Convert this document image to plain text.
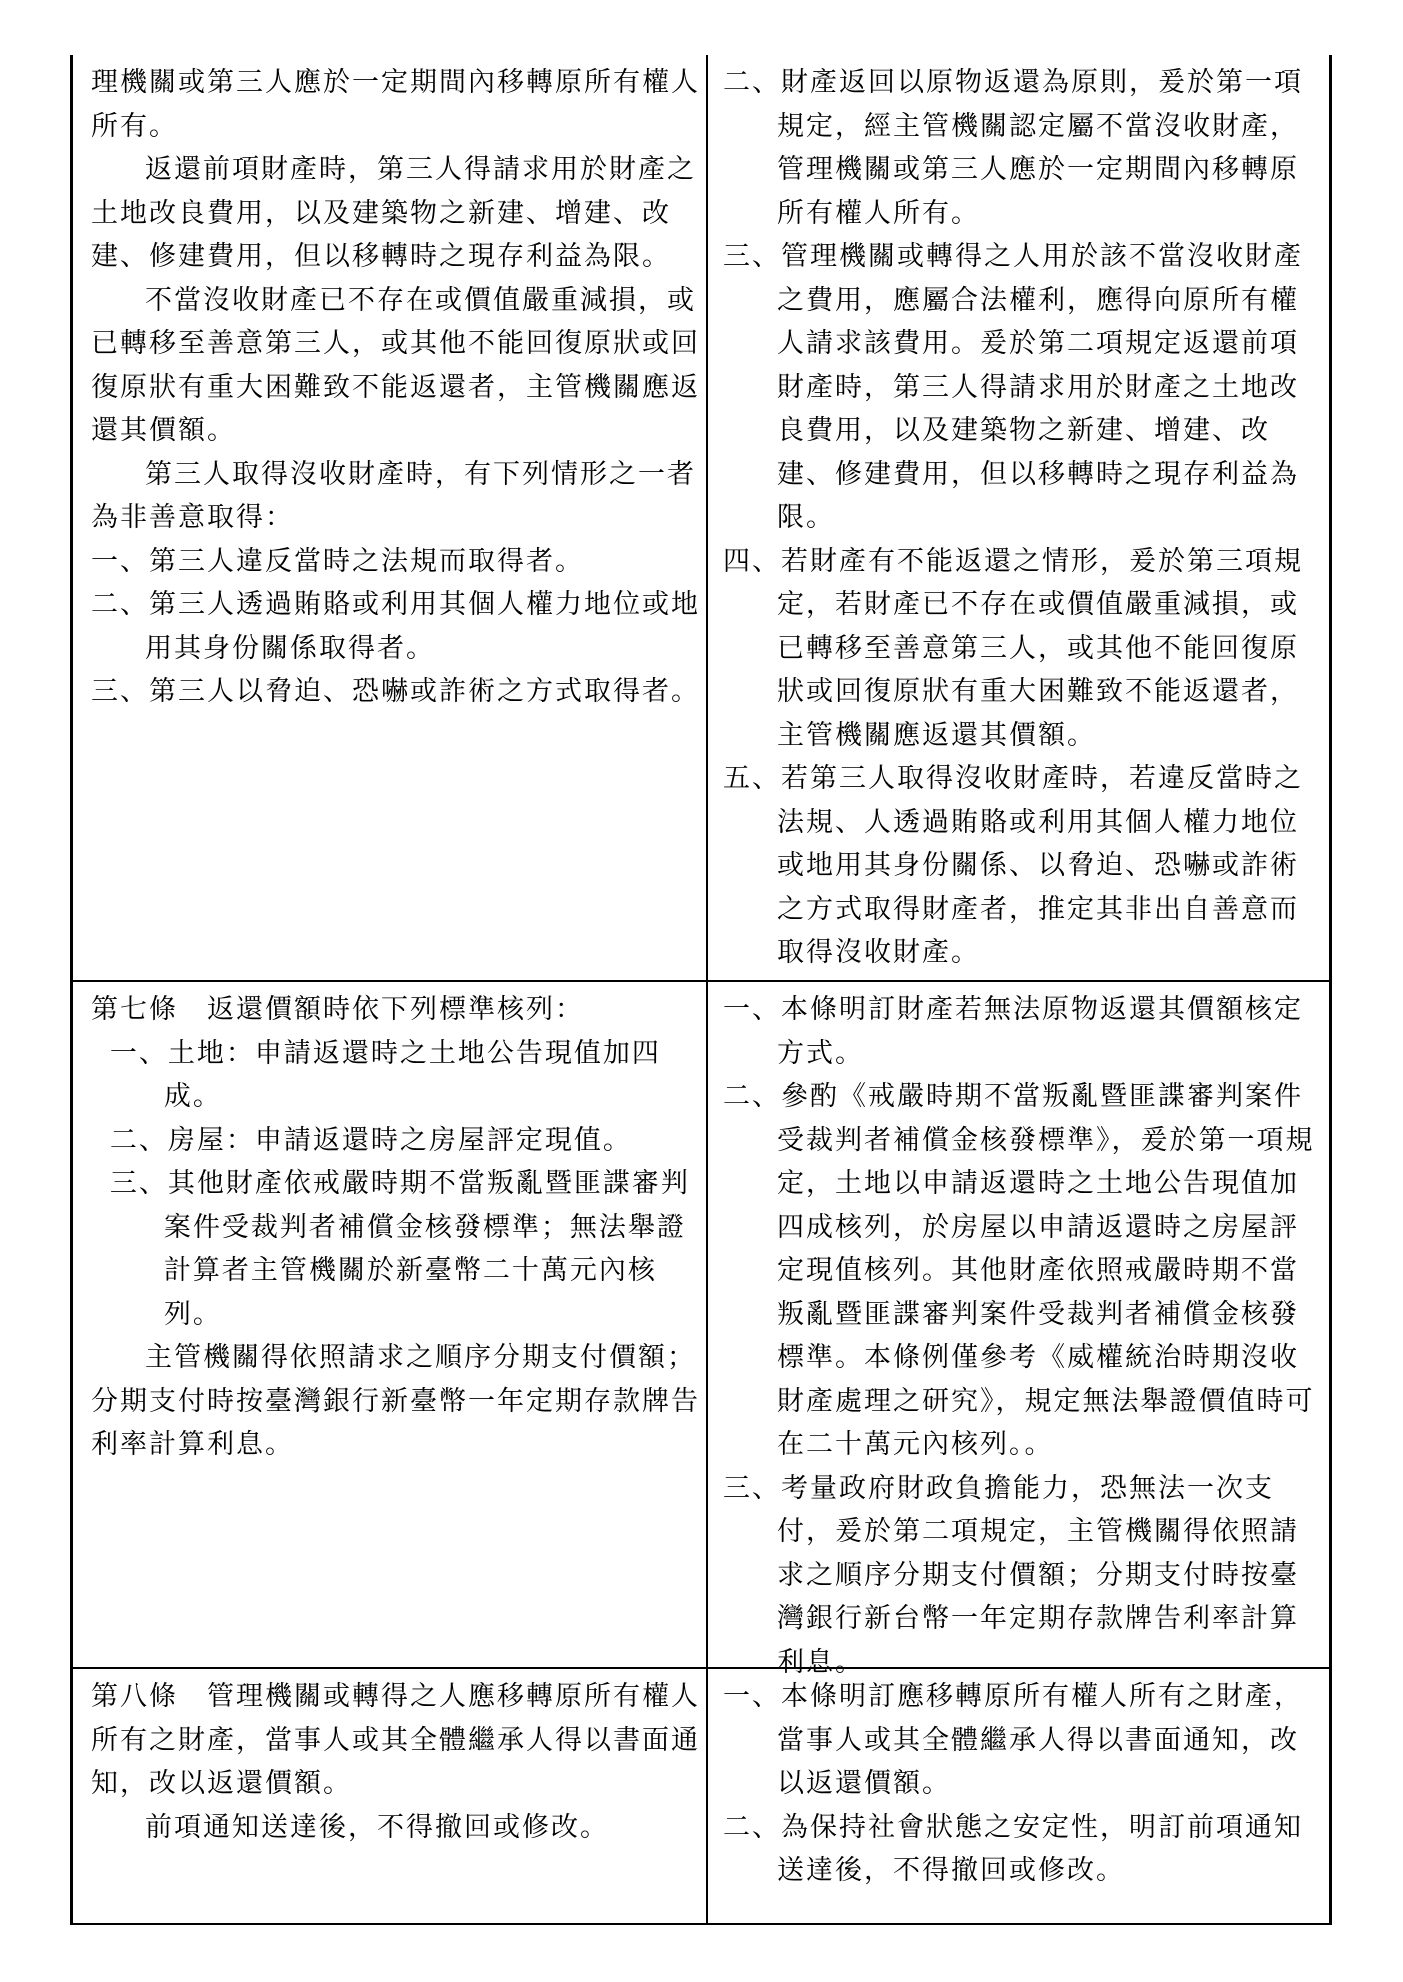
理機關或第三人應於一定期間內移轉原所有權人所有。

返還前項財產時，第三人得請求用於財產之土地改良費用，以及建築物之新建、增建、改建、修建費用，但以移轉時之現存利益為限。

不當沒收財產已不存在或價值嚴重減損，或已轉移至善意第三人，或其他不能回復原狀或回復原狀有重大困難致不能返還者，主管機關應返還其價額。

第三人取得沒收財產時，有下列情形之一者為非善意取得：

一、第三人違反當時之法規而取得者。

二、第三人透過賄賂或利用其個人權力地位或地用其身份關係取得者。

三、第三人以脅迫、恐嚇或詐術之方式取得者。

二、財產返回以原物返還為原則，爰於第一項規定，經主管機關認定屬不當沒收財產，管理機關或第三人應於一定期間內移轉原所有權人所有。

三、管理機關或轉得之人用於該不當沒收財產之費用，應屬合法權利，應得向原所有權人請求該費用。爰於第二項規定返還前項財產時，第三人得請求用於財產之土地改良費用，以及建築物之新建、增建、改建、修建費用，但以移轉時之現存利益為限。

四、若財產有不能返還之情形，爰於第三項規定，若財產已不存在或價值嚴重減損，或已轉移至善意第三人，或其他不能回復原狀或回復原狀有重大困難致不能返還者，主管機關應返還其價額。

五、若第三人取得沒收財產時，若違反當時之法規、人透過賄賂或利用其個人權力地位或地用其身份關係、以脅迫、恐嚇或詐術之方式取得財產者，推定其非出自善意而取得沒收財產。

第七條　返還價額時依下列標準核列：

一、土地：申請返還時之土地公告現值加四成。

二、房屋：申請返還時之房屋評定現值。

三、其他財產依戒嚴時期不當叛亂暨匪諜審判案件受裁判者補償金核發標準；無法舉證計算者主管機關於新臺幣二十萬元內核列。

主管機關得依照請求之順序分期支付價額；分期支付時按臺灣銀行新臺幣一年定期存款牌告利率計算利息。

一、本條明訂財產若無法原物返還其價額核定方式。

二、參酌《戒嚴時期不當叛亂暨匪諜審判案件受裁判者補償金核發標準》，爰於第一項規定，土地以申請返還時之土地公告現值加四成核列，於房屋以申請返還時之房屋評定現值核列。其他財產依照戒嚴時期不當叛亂暨匪諜審判案件受裁判者補償金核發標準。本條例僅參考《威權統治時期沒收財產處理之研究》，規定無法舉證價值時可在二十萬元內核列。。

三、考量政府財政負擔能力，恐無法一次支付，爰於第二項規定，主管機關得依照請求之順序分期支付價額；分期支付時按臺灣銀行新台幣一年定期存款牌告利率計算利息。

第八條　管理機關或轉得之人應移轉原所有權人所有之財產，當事人或其全體繼承人得以書面通知，改以返還價額。

前項通知送達後，不得撤回或修改。

一、本條明訂應移轉原所有權人所有之財產，當事人或其全體繼承人得以書面通知，改以返還價額。

二、為保持社會狀態之安定性，明訂前項通知送達後，不得撤回或修改。
